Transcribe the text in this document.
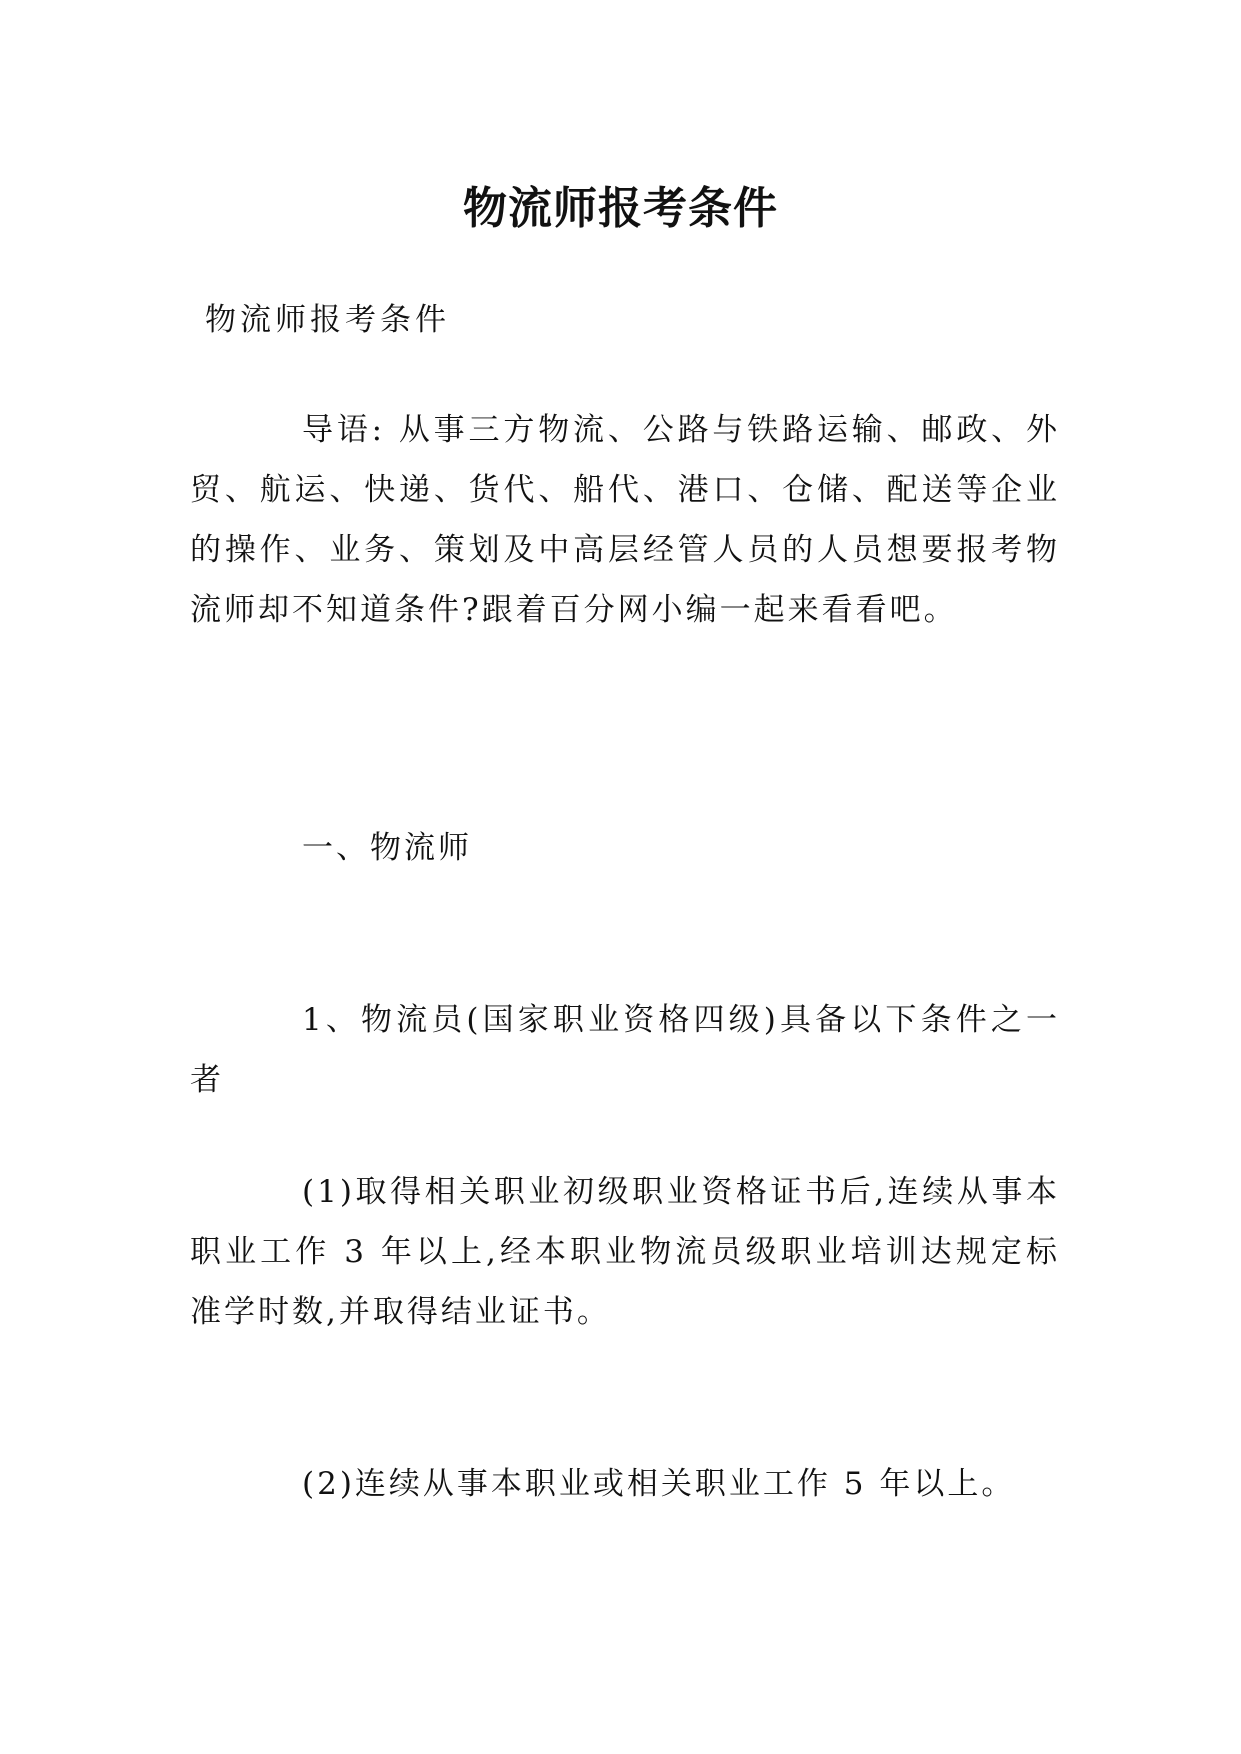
物流师报考条件

物流师报考条件

导语: 从事三方物流、公路与铁路运输、邮政、外贸、航运、快递、货代、船代、港口、仓储、配送等企业的操作、业务、策划及中高层经管人员的人员想要报考物流师却不知道条件?跟着百分网小编一起来看看吧。

一、物流师

1、物流员(国家职业资格四级)具备以下条件之一者

(1)取得相关职业初级职业资格证书后,连续从事本职业工作 3 年以上,经本职业物流员级职业培训达规定标准学时数,并取得结业证书。

(2)连续从事本职业或相关职业工作 5 年以上。
